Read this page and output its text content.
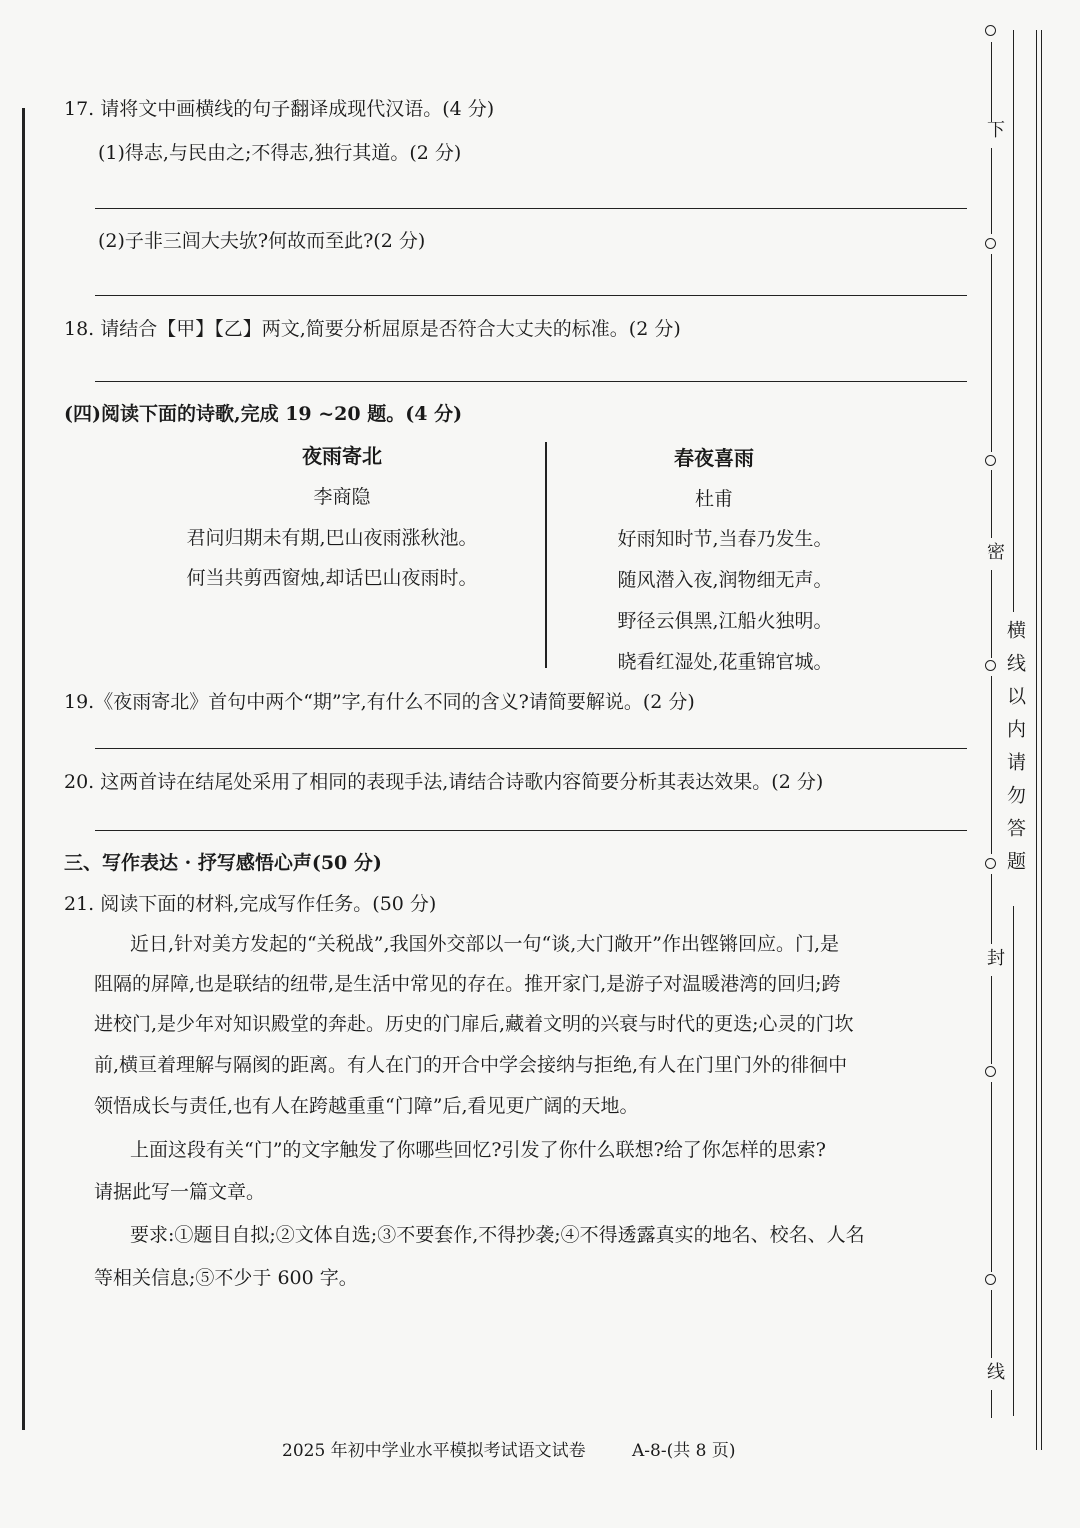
17. 请将文中画横线的句子翻译成现代汉语。(4 分)
(1)得志,与民由之;不得志,独行其道。(2 分)
(2)子非三闾大夫欤?何故而至此?(2 分)
18. 请结合【甲】【乙】两文,简要分析屈原是否符合大丈夫的标准。(2 分)
(四)阅读下面的诗歌,完成 19 ~20 题。(4 分)
夜雨寄北
李商隐
君问归期未有期,巴山夜雨涨秋池。
何当共剪西窗烛,却话巴山夜雨时。
春夜喜雨
杜甫
好雨知时节,当春乃发生。
随风潜入夜,润物细无声。
野径云俱黑,江船火独明。
晓看红湿处,花重锦官城。
19.《夜雨寄北》首句中两个“期”字,有什么不同的含义?请简要解说。(2 分)
20. 这两首诗在结尾处采用了相同的表现手法,请结合诗歌内容简要分析其表达效果。(2 分)
三、写作表达 · 抒写感悟心声(50 分)
21. 阅读下面的材料,完成写作任务。(50 分)
近日,针对美方发起的“关税战”,我国外交部以一句“谈,大门敞开”作出铿锵回应。门,是
阻隔的屏障,也是联结的纽带,是生活中常见的存在。推开家门,是游子对温暖港湾的回归;跨
进校门,是少年对知识殿堂的奔赴。历史的门扉后,藏着文明的兴衰与时代的更迭;心灵的门坎
前,横亘着理解与隔阂的距离。有人在门的开合中学会接纳与拒绝,有人在门里门外的徘徊中
领悟成长与责任,也有人在跨越重重“门障”后,看见更广阔的天地。
上面这段有关“门”的文字触发了你哪些回忆?引发了你什么联想?给了你怎样的思索?
请据此写一篇文章。
要求:①题目自拟;②文体自选;③不要套作,不得抄袭;④不得透露真实的地名、校名、人名
等相关信息;⑤不少于 600 字。
2025 年初中学业水平模拟考试语文试卷	A-8-(共 8 页)
下
密
封
线
横线以内请勿答题
